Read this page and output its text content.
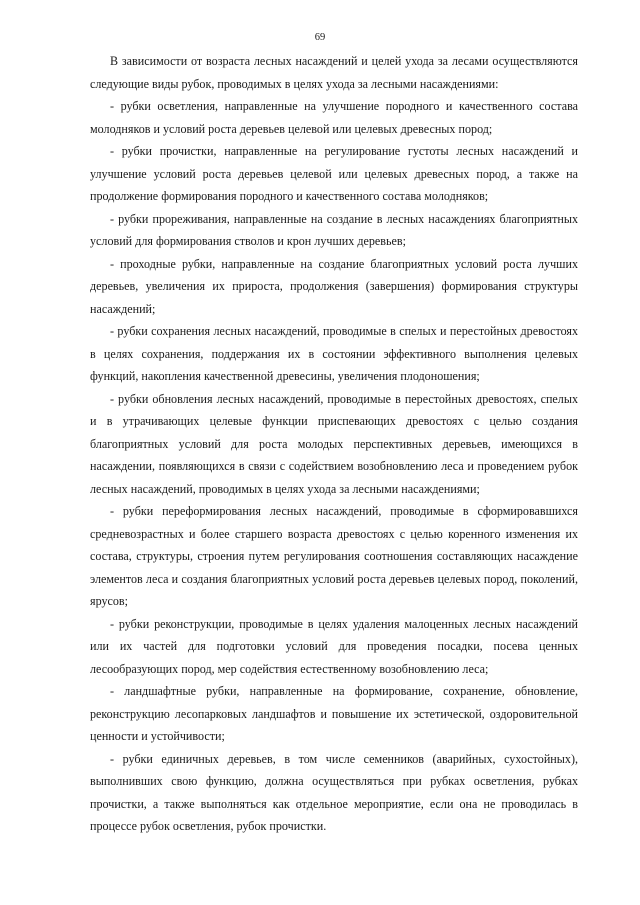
69

В зависимости от возраста лесных насаждений и целей ухода за лесами осуществляются следующие виды рубок, проводимых в целях ухода за лесными насаждениями:

- рубки осветления, направленные на улучшение породного и качественного состава молодняков и условий роста деревьев целевой или целевых древесных пород;

- рубки прочистки, направленные на регулирование густоты лесных насаждений и улучшение условий роста деревьев целевой или целевых древесных пород, а также на продолжение формирования породного и качественного состава молодняков;

- рубки прореживания, направленные на создание в лесных насаждениях благоприятных условий для формирования стволов и крон лучших деревьев;

- проходные рубки, направленные на создание благоприятных условий роста лучших деревьев, увеличения их прироста, продолжения (завершения) формирования структуры насаждений;

- рубки сохранения лесных насаждений, проводимые в спелых и перестойных древостоях в целях сохранения, поддержания их в состоянии эффективного выполнения целевых функций, накопления качественной древесины, увеличения плодоношения;

- рубки обновления лесных насаждений, проводимые в перестойных древостоях, спелых и в утрачивающих целевые функции приспевающих древостоях с целью создания благоприятных условий для роста молодых перспективных деревьев, имеющихся в насаждении, появляющихся в связи с содействием возобновлению леса и проведением рубок лесных насаждений, проводимых в целях ухода за лесными насаждениями;

- рубки переформирования лесных насаждений, проводимые в сформировавшихся средневозрастных и более старшего возраста древостоях с целью коренного изменения их состава, структуры, строения путем регулирования соотношения составляющих насаждение элементов леса и создания благоприятных условий роста деревьев целевых пород, поколений, ярусов;

- рубки реконструкции, проводимые в целях удаления малоценных лесных насаждений или их частей для подготовки условий для проведения посадки, посева ценных лесообразующих пород, мер содействия естественному возобновлению леса;

- ландшафтные рубки, направленные на формирование, сохранение, обновление, реконструкцию лесопарковых ландшафтов и повышение их эстетической, оздоровительной ценности и устойчивости;

- рубки единичных деревьев, в том числе семенников (аварийных, сухостойных), выполнивших свою функцию, должна осуществляться при рубках осветления, рубках прочистки, а также выполняться как отдельное мероприятие, если она не проводилась в процессе рубок осветления, рубок прочистки.
